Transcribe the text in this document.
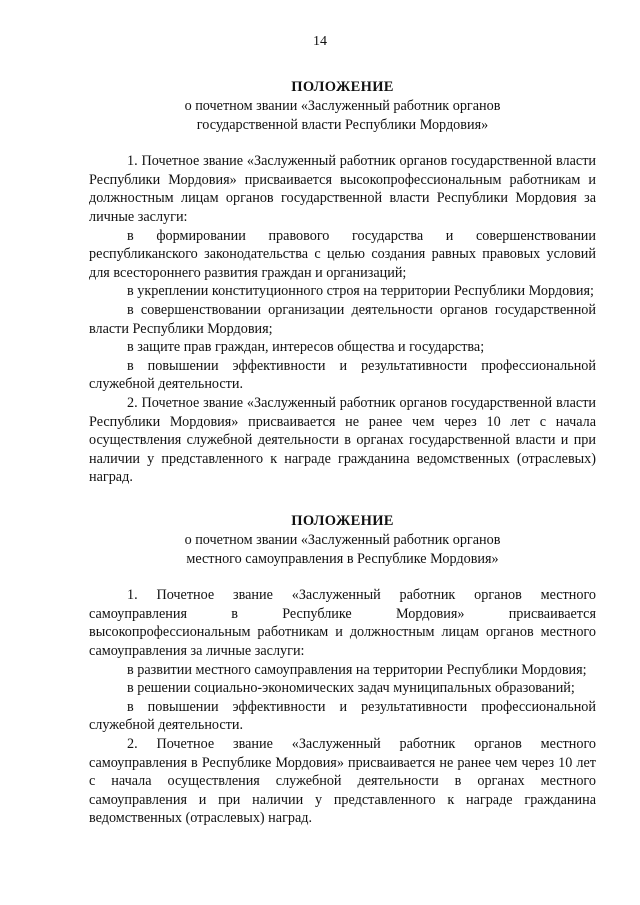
14
ПОЛОЖЕНИЕ
о почетном звании «Заслуженный работник органов
государственной власти Республики Мордовия»

1. Почетное звание «Заслуженный работник органов государственной власти Республики Мордовия» присваивается высокопрофессиональным работникам и должностным лицам органов государственной власти Республики Мордовия за личные заслуги:

в формировании правового государства и совершенствовании республиканского законодательства с целью создания равных правовых условий для всестороннего развития граждан и организаций;

в укреплении конституционного строя на территории Республики Мордовия;

в совершенствовании организации деятельности органов государственной власти Республики Мордовия;

в защите прав граждан, интересов общества и государства;

в повышении эффективности и результативности профессиональной служебной деятельности.

2. Почетное звание «Заслуженный работник органов государственной власти Республики Мордовия» присваивается не ранее чем через 10 лет с начала осуществления служебной деятельности в органах государственной власти и при наличии у представленного к награде гражданина ведомственных (отраслевых) наград.

ПОЛОЖЕНИЕ
о почетном звании «Заслуженный работник органов
местного самоуправления в Республике Мордовия»

1. Почетное звание «Заслуженный работник органов местного самоуправления в Республике Мордовия» присваивается высокопрофессиональным работникам и должностным лицам органов местного самоуправления за личные заслуги:

в развитии местного самоуправления на территории Республики Мордовия;

в решении социально-экономических задач муниципальных образований;

в повышении эффективности и результативности профессиональной служебной деятельности.

2. Почетное звание «Заслуженный работник органов местного самоуправления в Республике Мордовия» присваивается не ранее чем через 10 лет с начала осуществления служебной деятельности в органах местного самоуправления и при наличии у представленного к награде гражданина ведомственных (отраслевых) наград.
